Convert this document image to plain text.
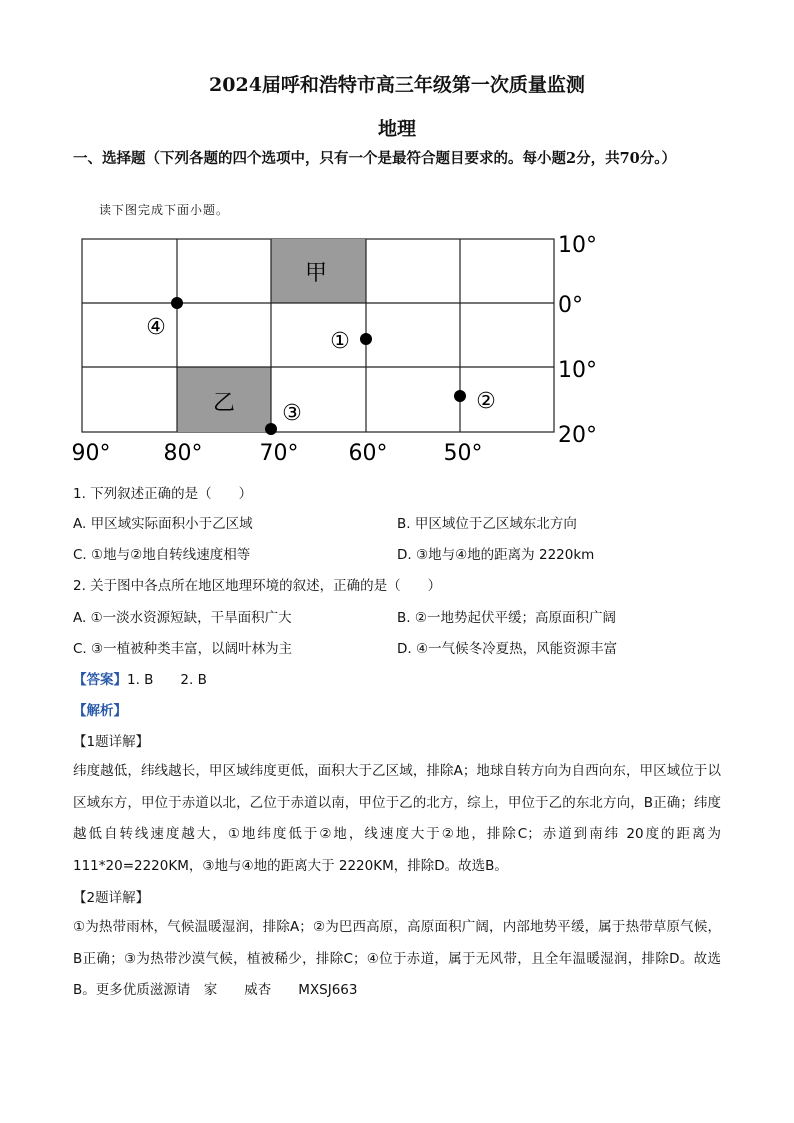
2024届呼和浩特市高三年级第一次质量监测
地理
一、选择题（下列各题的四个选项中，只有一个是最符合题目要求的。每小题2分，共70分。）
读下图完成下面小题。
甲
乙
④
①
②
③
10°
0°
10°
20°
90° 80°	70° 60°	50°
1. 下列叙述正确的是（　　）
A. 甲区域实际面积小于乙区域	B. 甲区域位于乙区域东北方向
C. ①地与②地自转线速度相等	D. ③地与④地的距离为 2220km
2. 关于图中各点所在地区地理环境的叙述，正确的是（　　）
A. ①一淡水资源短缺，干旱面积广大	B. ②一地势起伏平缓；高原面积广阔
C. ③一植被种类丰富，以阔叶林为主	D. ④一气候冬冷夏热，风能资源丰富
【答案】1. B　　2. B
【解析】
【1题详解】
纬度越低，纬线越长，甲区域纬度更低，面积大于乙区域，排除A；地球自转方向为自西向东，甲区域位于以区域东方，甲位于赤道以北，乙位于赤道以南，甲位于乙的北方，综上，甲位于乙的东北方向，B正确；纬度越低自转线速度越大，①地纬度低于②地，线速度大于②地，排除C；赤道到南纬 20度的距离为 111*20=2220KM，③地与④地的距离大于 2220KM，排除D。故选B。
【2题详解】
①为热带雨林，气候温暖湿润，排除A；②为巴西高原，高原面积广阔，内部地势平缓，属于热带草原气候，B正确；③为热带沙漠气候，植被稀少，排除C；④位于赤道，属于无风带，且全年温暖湿润，排除D。故选B。更多优质滋源请　家　　威杏　　MXSJ663
